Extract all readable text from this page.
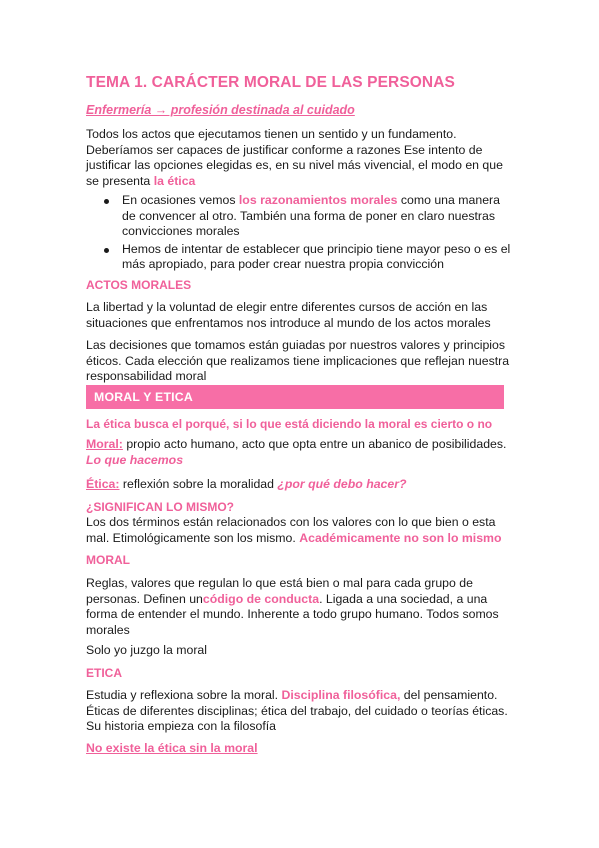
TEMA 1. CARÁCTER MORAL DE LAS PERSONAS
Enfermería → profesión destinada al cuidado
Todos los actos que ejecutamos tienen un sentido y un fundamento. Deberíamos ser capaces de justificar conforme a razones Ese intento de justificar las opciones elegidas es, en su nivel más vivencial, el modo en que se presenta la ética
En ocasiones vemos los razonamientos morales como una manera de convencer al otro. También una forma de poner en claro nuestras convicciones morales
Hemos de intentar de establecer que principio tiene mayor peso o es el más apropiado, para poder crear nuestra propia convicción
ACTOS MORALES
La libertad y la voluntad de elegir entre diferentes cursos de acción en las situaciones que enfrentamos nos introduce al mundo de los actos morales
Las decisiones que tomamos están guiadas por nuestros valores y principios éticos. Cada elección que realizamos tiene implicaciones que reflejan nuestra responsabilidad moral
MORAL Y ETICA
La ética busca el porqué, si lo que está diciendo la moral es cierto o no
Moral: propio acto humano, acto que opta entre un abanico de posibilidades. Lo que hacemos
Ética: reflexión sobre la moralidad ¿por qué debo hacer?
¿SIGNIFICAN LO MISMO?
Los dos términos están relacionados con los valores con lo que bien o esta mal. Etimológicamente son los mismo. Académicamente no son lo mismo
MORAL
Reglas, valores que regulan lo que está bien o mal para cada grupo de personas. Definen uncódigo de conducta. Ligada a una sociedad, a una forma de entender el mundo. Inherente a todo grupo humano. Todos somos morales
Solo yo juzgo la moral
ETICA
Estudia y reflexiona sobre la moral. Disciplina filosófica, del pensamiento. Éticas de diferentes disciplinas; ética del trabajo, del cuidado o teorías éticas. Su historia empieza con la filosofía
No existe la ética sin la moral
